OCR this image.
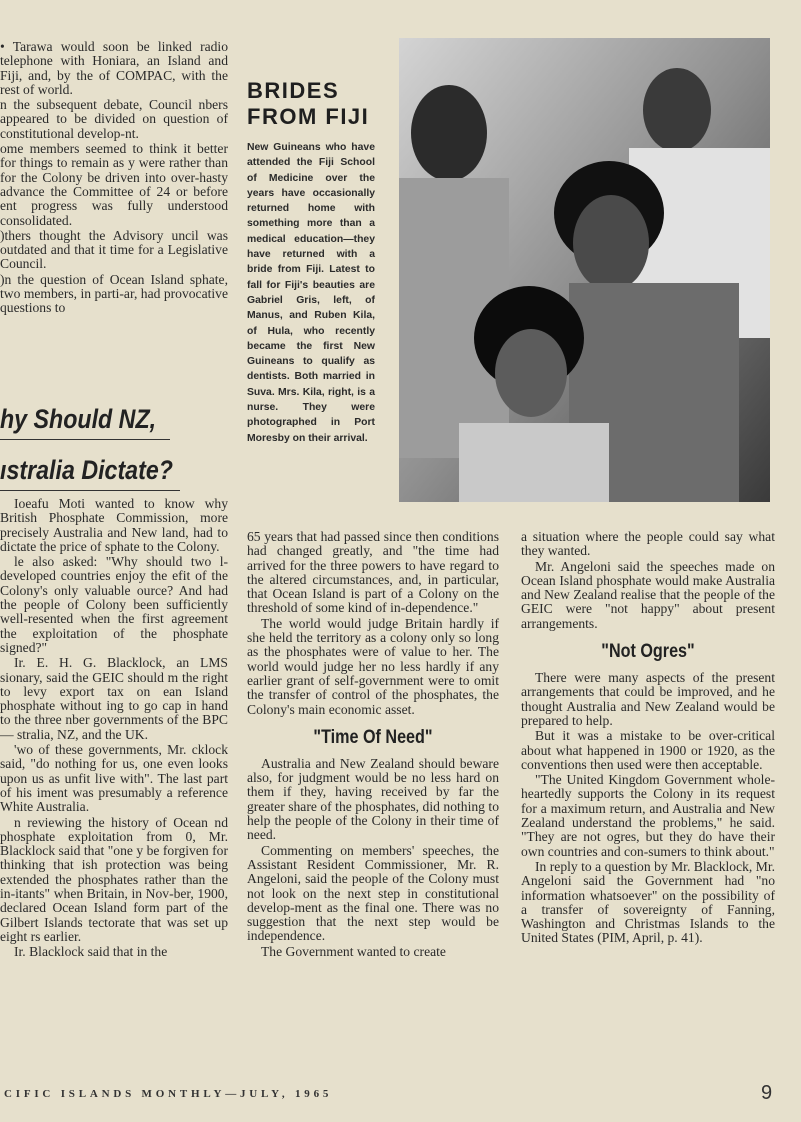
• Tarawa would soon be linked radio telephone with Honiara, an Island and Fiji, and, by the of COMPAC, with the rest of world.

n the subsequent debate, Council nbers appeared to be divided on question of constitutional develop-nt.

ome members seemed to think it better for things to remain as y were rather than for the Colony be driven into over-hasty advance the Committee of 24 or before ent progress was fully understood consolidated.

)thers thought the Advisory uncil was outdated and that it time for a Legislative Council.

)n the question of Ocean Island sphate, two members, in parti-ar, had provocative questions to

hy Should NZ,
ıstralia Dictate?

Ioeafu Moti wanted to know why British Phosphate Commission, more precisely Australia and New land, had to dictate the price of sphate to the Colony.

le also asked: "Why should two l-developed countries enjoy the efit of the Colony's only valuable ource? And had the people of Colony been sufficiently well-resented when the first agreement the exploitation of the phosphate signed?"

Ir. E. H. G. Blacklock, an LMS sionary, said the GEIC should m the right to levy export tax on ean Island phosphate without ing to go cap in hand to the three nber governments of the BPC— stralia, NZ, and the UK.

'wo of these governments, Mr. cklock said, "do nothing for us, one even looks upon us as unfit live with". The last part of his iment was presumably a reference White Australia.

n reviewing the history of Ocean nd phosphate exploitation from 0, Mr. Blacklock said that "one y be forgiven for thinking that ish protection was being extended the phosphates rather than the in-itants" when Britain, in Nov-ber, 1900, declared Ocean Island form part of the Gilbert Islands tectorate that was set up eight rs earlier.

Ir. Blacklock said that in the

BRIDES
FROM FIJI

New Guineans who have attended the Fiji School of Medicine over the years have occasionally returned home with something more than a medical education—they have returned with a bride from Fiji. Latest to fall for Fiji's beauties are Gabriel Gris, left, of Manus, and Ruben Kila, of Hula, who recently became the first New Guineans to qualify as dentists. Both married in Suva. Mrs. Kila, right, is a nurse. They were photographed in Port Moresby on their arrival.

65 years that had passed since then conditions had changed greatly, and "the time had arrived for the three powers to have regard to the altered circumstances, and, in particular, that Ocean Island is part of a Colony on the threshold of some kind of in-dependence."

The world would judge Britain hardly if she held the territory as a colony only so long as the phosphates were of value to her. The world would judge her no less hardly if any earlier grant of self-government were to omit the transfer of control of the phosphates, the Colony's main economic asset.

"Time Of Need"

Australia and New Zealand should beware also, for judgment would be no less hard on them if they, having received by far the greater share of the phosphates, did nothing to help the people of the Colony in their time of need.

Commenting on members' speeches, the Assistant Resident Commissioner, Mr. R. Angeloni, said the people of the Colony must not look on the next step in constitutional develop-ment as the final one. There was no suggestion that the next step would be independence.

The Government wanted to create

a situation where the people could say what they wanted.

Mr. Angeloni said the speeches made on Ocean Island phosphate would make Australia and New Zealand realise that the people of the GEIC were "not happy" about present arrangements.

"Not Ogres"

There were many aspects of the present arrangements that could be improved, and he thought Australia and New Zealand would be prepared to help.

But it was a mistake to be over-critical about what happened in 1900 or 1920, as the conventions then used were then acceptable.

"The United Kingdom Government whole-heartedly supports the Colony in its request for a maximum return, and Australia and New Zealand understand the problems," he said. "They are not ogres, but they do have their own countries and con-sumers to think about."

In reply to a question by Mr. Blacklock, Mr. Angeloni said the Government had "no information whatsoever" on the possibility of a transfer of sovereignty of Fanning, Washington and Christmas Islands to the United States (PIM, April, p. 41).

CIFIC ISLANDS MONTHLY—JULY, 1965	9
